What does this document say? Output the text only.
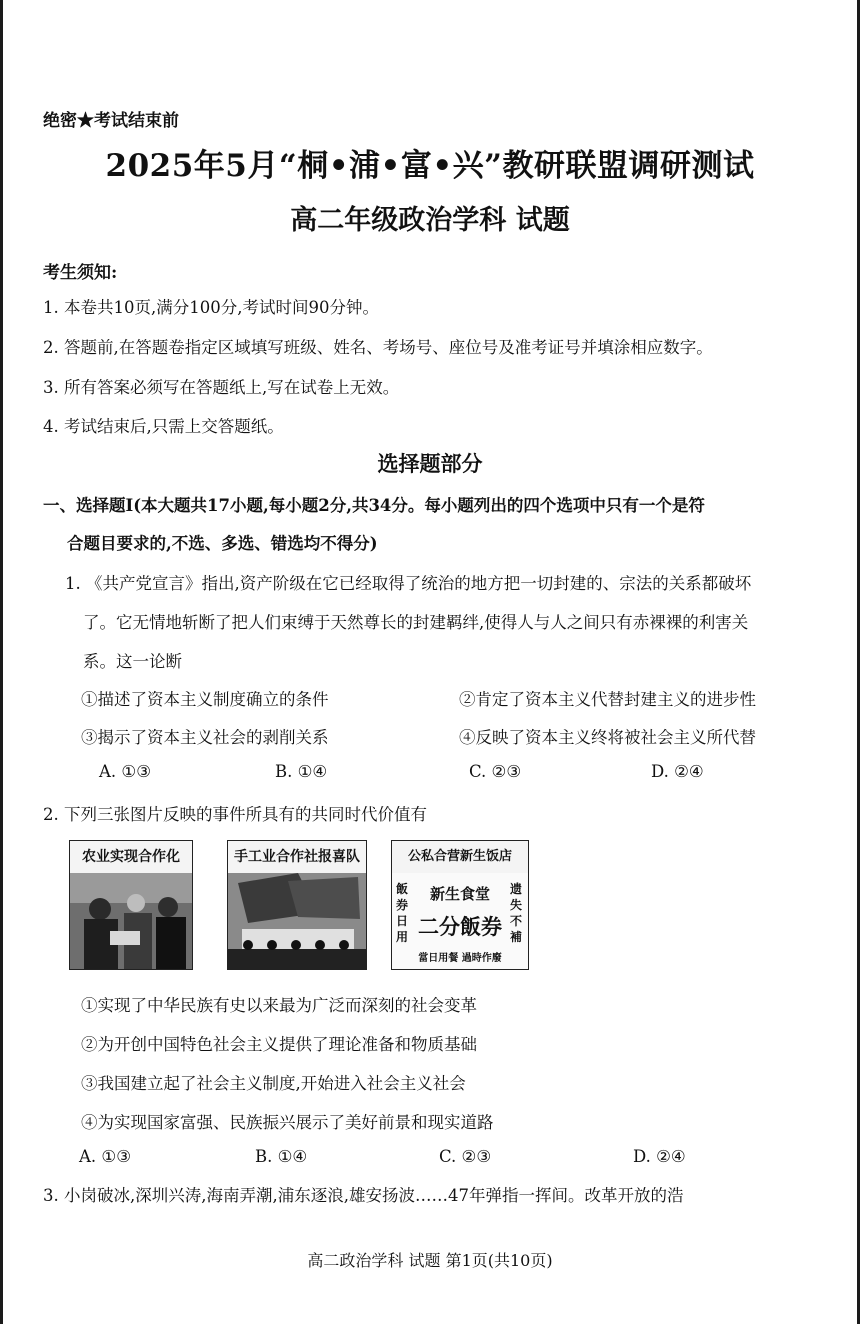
绝密★考试结束前
2025年5月“桐•浦•富•兴”教研联盟调研测试
高二年级政治学科 试题
考生须知:
1. 本卷共10页,满分100分,考试时间90分钟。
2. 答题前,在答题卷指定区域填写班级、姓名、考场号、座位号及准考证号并填涂相应数字。
3. 所有答案必须写在答题纸上,写在试卷上无效。
4. 考试结束后,只需上交答题纸。
选择题部分
一、选择题Ⅰ(本大题共17小题,每小题2分,共34分。每小题列出的四个选项中只有一个是符
合题目要求的,不选、多选、错选均不得分)
1. 《共产党宣言》指出,资产阶级在它已经取得了统治的地方把一切封建的、宗法的关系都破坏
了。它无情地斩断了把人们束缚于天然尊长的封建羁绊,使得人与人之间只有赤裸裸的利害关
系。这一论断
①描述了资本主义制度确立的条件	②肯定了资本主义代替封建主义的进步性
③揭示了资本主义社会的剥削关系	④反映了资本主义终将被社会主义所代替
A. ①③	B. ①④	C. ②③	D. ②④
2. 下列三张图片反映的事件所具有的共同时代价值有
农业实现合作化	手工业合作社报喜队	公私合营新生饭店
飯券日用
遗失不補
新生食堂
二分飯券
當日用餐 過時作廢
①实现了中华民族有史以来最为广泛而深刻的社会变革
②为开创中国特色社会主义提供了理论准备和物质基础
③我国建立起了社会主义制度,开始进入社会主义社会
④为实现国家富强、民族振兴展示了美好前景和现实道路
A. ①③	B. ①④	C. ②③	D. ②④
3. 小岗破冰,深圳兴涛,海南弄潮,浦东逐浪,雄安扬波……47年弹指一挥间。改革开放的浩
高二政治学科 试题 第1页(共10页)
